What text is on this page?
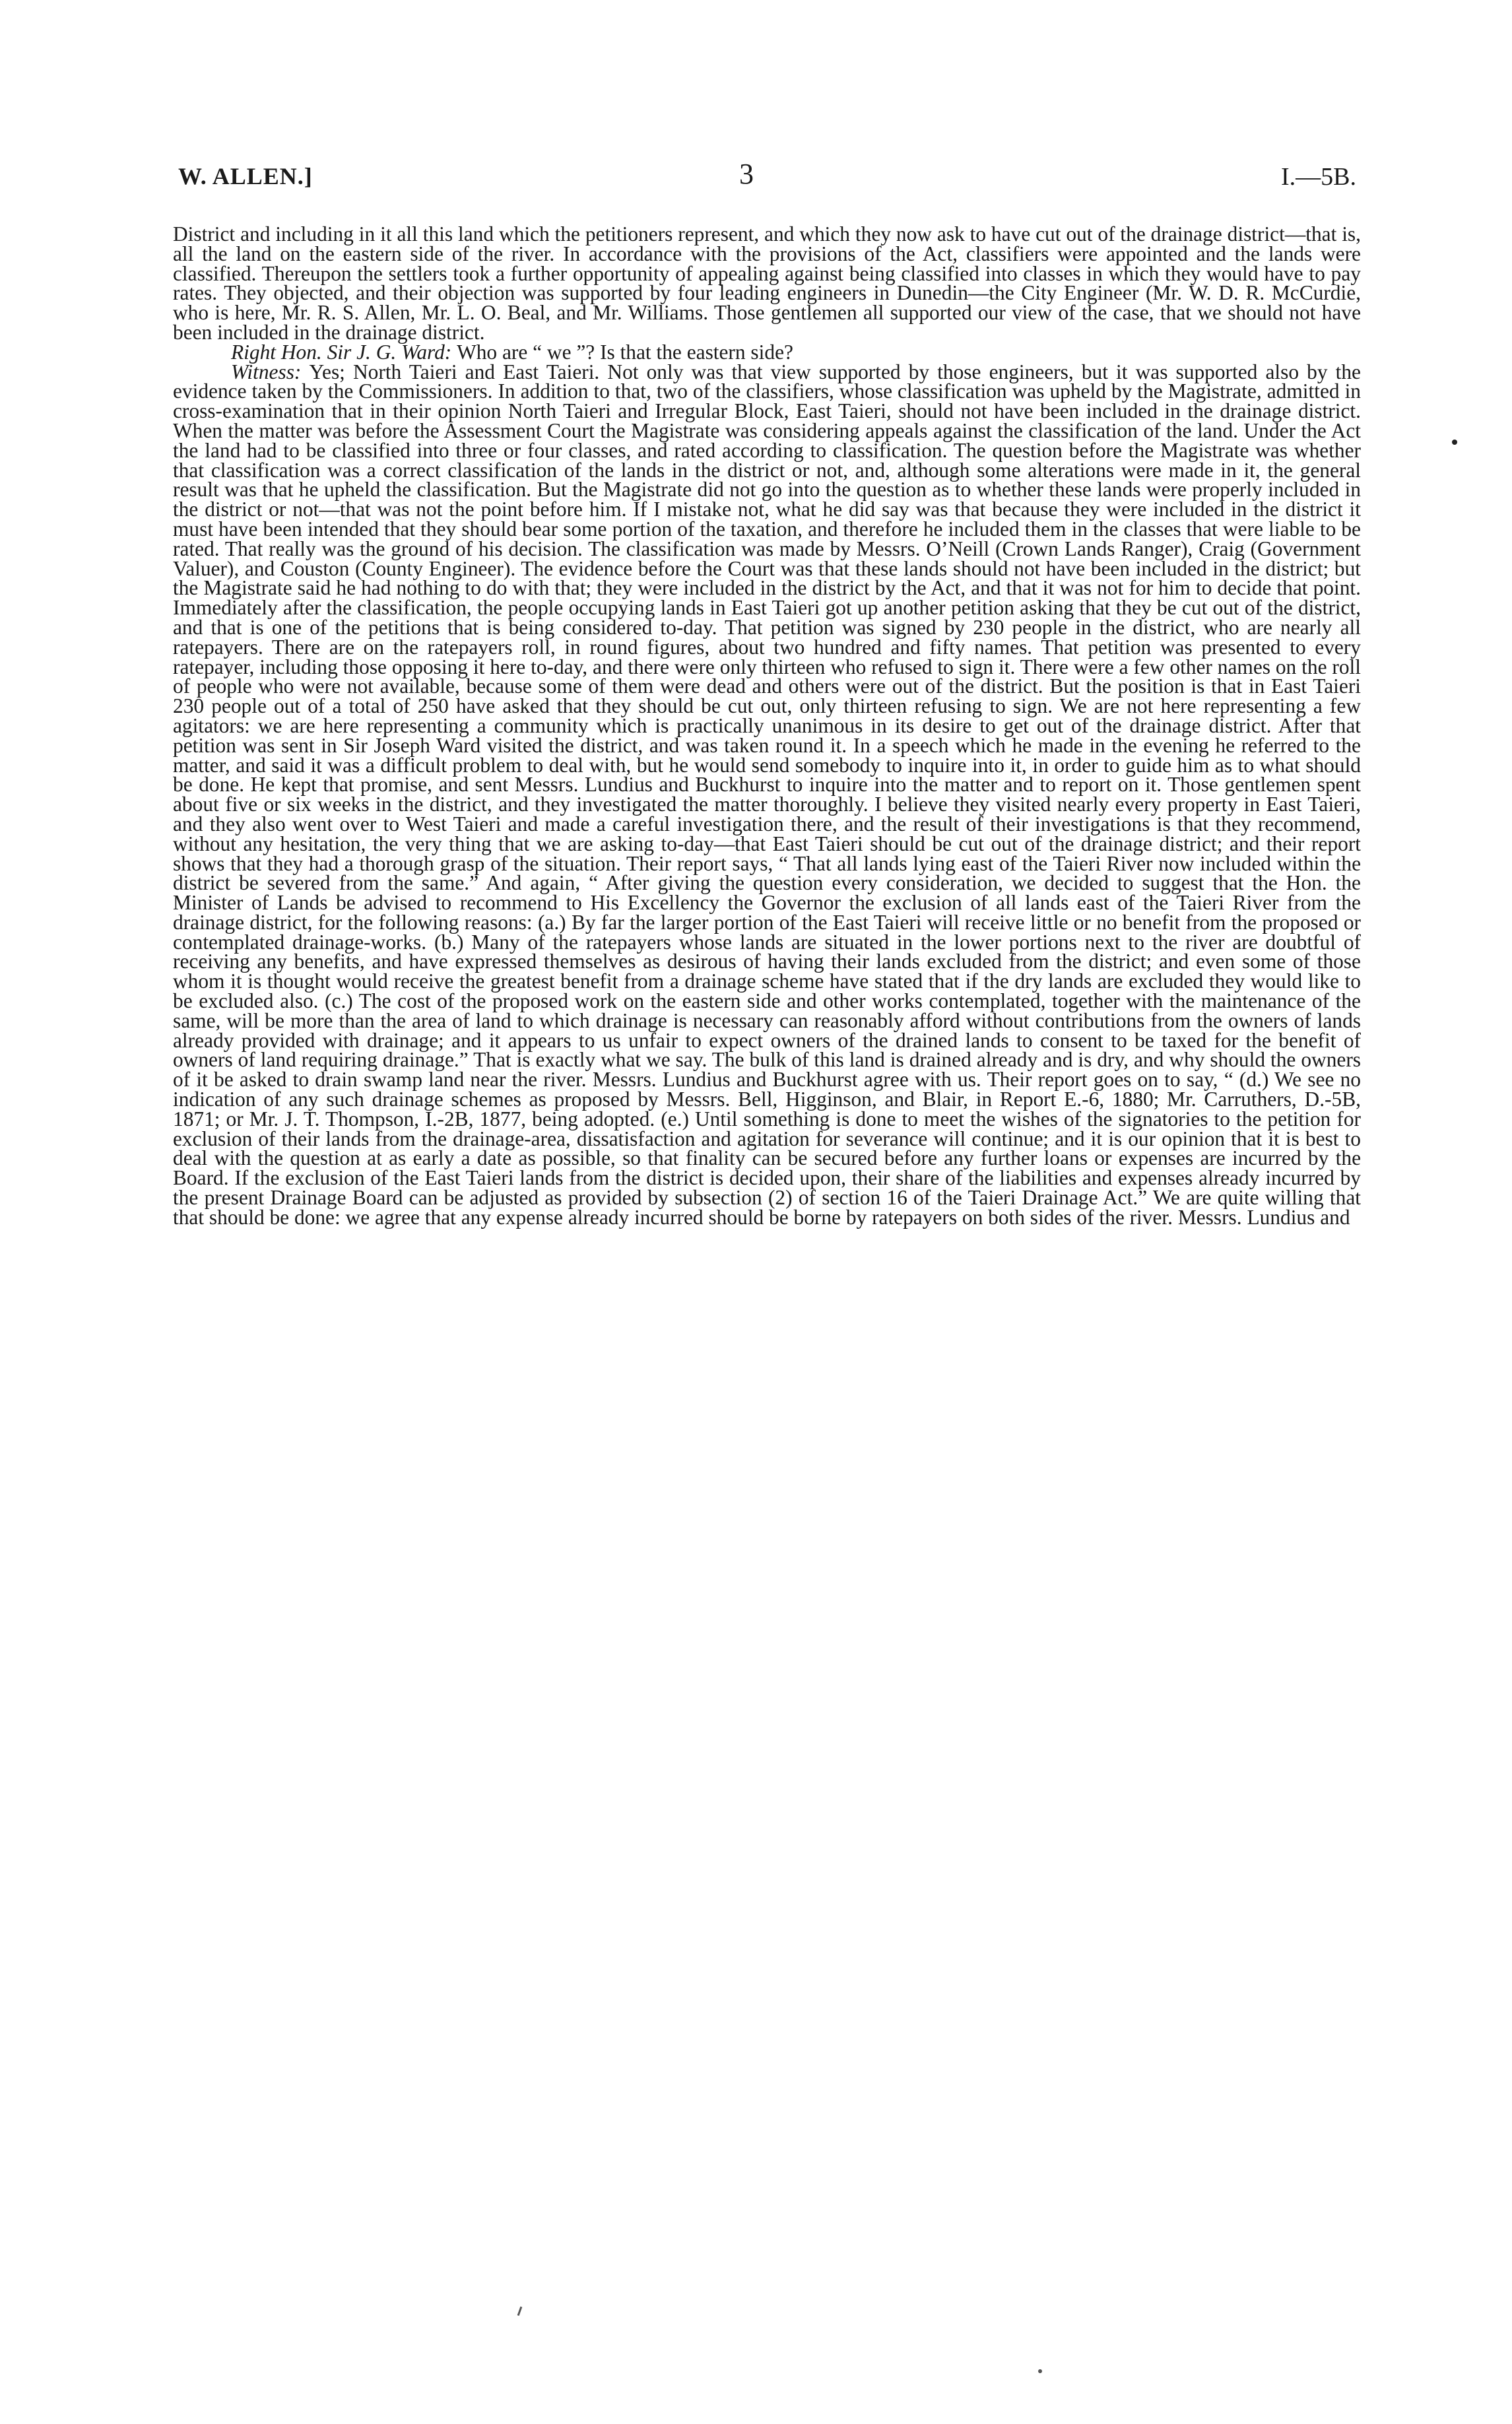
W. ALLEN.]	3	I.—5B.

District and including in it all this land which the petitioners represent, and which they now ask to have cut out of the drainage district—that is, all the land on the eastern side of the river. In accordance with the provisions of the Act, classifiers were appointed and the lands were classified. Thereupon the settlers took a further opportunity of appealing against being classified into classes in which they would have to pay rates. They objected, and their objection was supported by four leading engineers in Dunedin—the City Engineer (Mr. W. D. R. McCurdie, who is here, Mr. R. S. Allen, Mr. L. O. Beal, and Mr. Williams. Those gentlemen all supported our view of the case, that we should not have been included in the drainage district.

Right Hon. Sir J. G. Ward: Who are “ we ”? Is that the eastern side?

Witness: Yes; North Taieri and East Taieri. Not only was that view supported by those engineers, but it was supported also by the evidence taken by the Commissioners. In addition to that, two of the classifiers, whose classification was upheld by the Magistrate, admitted in cross-examination that in their opinion North Taieri and Irregular Block, East Taieri, should not have been included in the drainage district. When the matter was before the Assessment Court the Magistrate was considering appeals against the classification of the land. Under the Act the land had to be classified into three or four classes, and rated according to classification. The question before the Magistrate was whether that classification was a correct classification of the lands in the district or not, and, although some alterations were made in it, the general result was that he upheld the classification. But the Magistrate did not go into the question as to whether these lands were properly included in the district or not—that was not the point before him. If I mistake not, what he did say was that because they were included in the district it must have been intended that they should bear some portion of the taxation, and therefore he included them in the classes that were liable to be rated. That really was the ground of his decision. The classification was made by Messrs. O’Neill (Crown Lands Ranger), Craig (Government Valuer), and Couston (County Engineer). The evidence before the Court was that these lands should not have been included in the district; but the Magistrate said he had nothing to do with that; they were included in the district by the Act, and that it was not for him to decide that point. Immediately after the classification, the people occupying lands in East Taieri got up another petition asking that they be cut out of the district, and that is one of the petitions that is being considered to-day. That petition was signed by 230 people in the district, who are nearly all ratepayers. There are on the ratepayers roll, in round figures, about two hundred and fifty names. That petition was presented to every ratepayer, including those opposing it here to-day, and there were only thirteen who refused to sign it. There were a few other names on the roll of people who were not available, because some of them were dead and others were out of the district. But the position is that in East Taieri 230 people out of a total of 250 have asked that they should be cut out, only thirteen refusing to sign. We are not here representing a few agitators: we are here representing a community which is practically unanimous in its desire to get out of the drainage district. After that petition was sent in Sir Joseph Ward visited the district, and was taken round it. In a speech which he made in the evening he referred to the matter, and said it was a difficult problem to deal with, but he would send somebody to inquire into it, in order to guide him as to what should be done. He kept that promise, and sent Messrs. Lundius and Buckhurst to inquire into the matter and to report on it. Those gentlemen spent about five or six weeks in the district, and they investigated the matter thoroughly. I believe they visited nearly every property in East Taieri, and they also went over to West Taieri and made a careful investigation there, and the result of their investigations is that they recommend, without any hesitation, the very thing that we are asking to-day—that East Taieri should be cut out of the drainage district; and their report shows that they had a thorough grasp of the situation. Their report says, “ That all lands lying east of the Taieri River now included within the district be severed from the same.” And again, “ After giving the question every consideration, we decided to suggest that the Hon. the Minister of Lands be advised to recommend to His Excellency the Governor the exclusion of all lands east of the Taieri River from the drainage district, for the following reasons: (a.) By far the larger portion of the East Taieri will receive little or no benefit from the proposed or contemplated drainage-works. (b.) Many of the ratepayers whose lands are situated in the lower portions next to the river are doubtful of receiving any benefits, and have expressed themselves as desirous of having their lands excluded from the district; and even some of those whom it is thought would receive the greatest benefit from a drainage scheme have stated that if the dry lands are excluded they would like to be excluded also. (c.) The cost of the proposed work on the eastern side and other works contemplated, together with the maintenance of the same, will be more than the area of land to which drainage is necessary can reasonably afford without contributions from the owners of lands already provided with drainage; and it appears to us unfair to expect owners of the drained lands to consent to be taxed for the benefit of owners of land requiring drainage.” That is exactly what we say. The bulk of this land is drained already and is dry, and why should the owners of it be asked to drain swamp land near the river. Messrs. Lundius and Buckhurst agree with us. Their report goes on to say, “ (d.) We see no indication of any such drainage schemes as proposed by Messrs. Bell, Higginson, and Blair, in Report E.-6, 1880; Mr. Carruthers, D.-5B, 1871; or Mr. J. T. Thompson, I.-2B, 1877, being adopted. (e.) Until something is done to meet the wishes of the signatories to the petition for exclusion of their lands from the drainage-area, dissatisfaction and agitation for severance will continue; and it is our opinion that it is best to deal with the question at as early a date as possible, so that finality can be secured before any further loans or expenses are incurred by the Board. If the exclusion of the East Taieri lands from the district is decided upon, their share of the liabilities and expenses already incurred by the present Drainage Board can be adjusted as provided by subsection (2) of section 16 of the Taieri Drainage Act.” We are quite willing that that should be done: we agree that any expense already incurred should be borne by ratepayers on both sides of the river. Messrs. Lundius and
